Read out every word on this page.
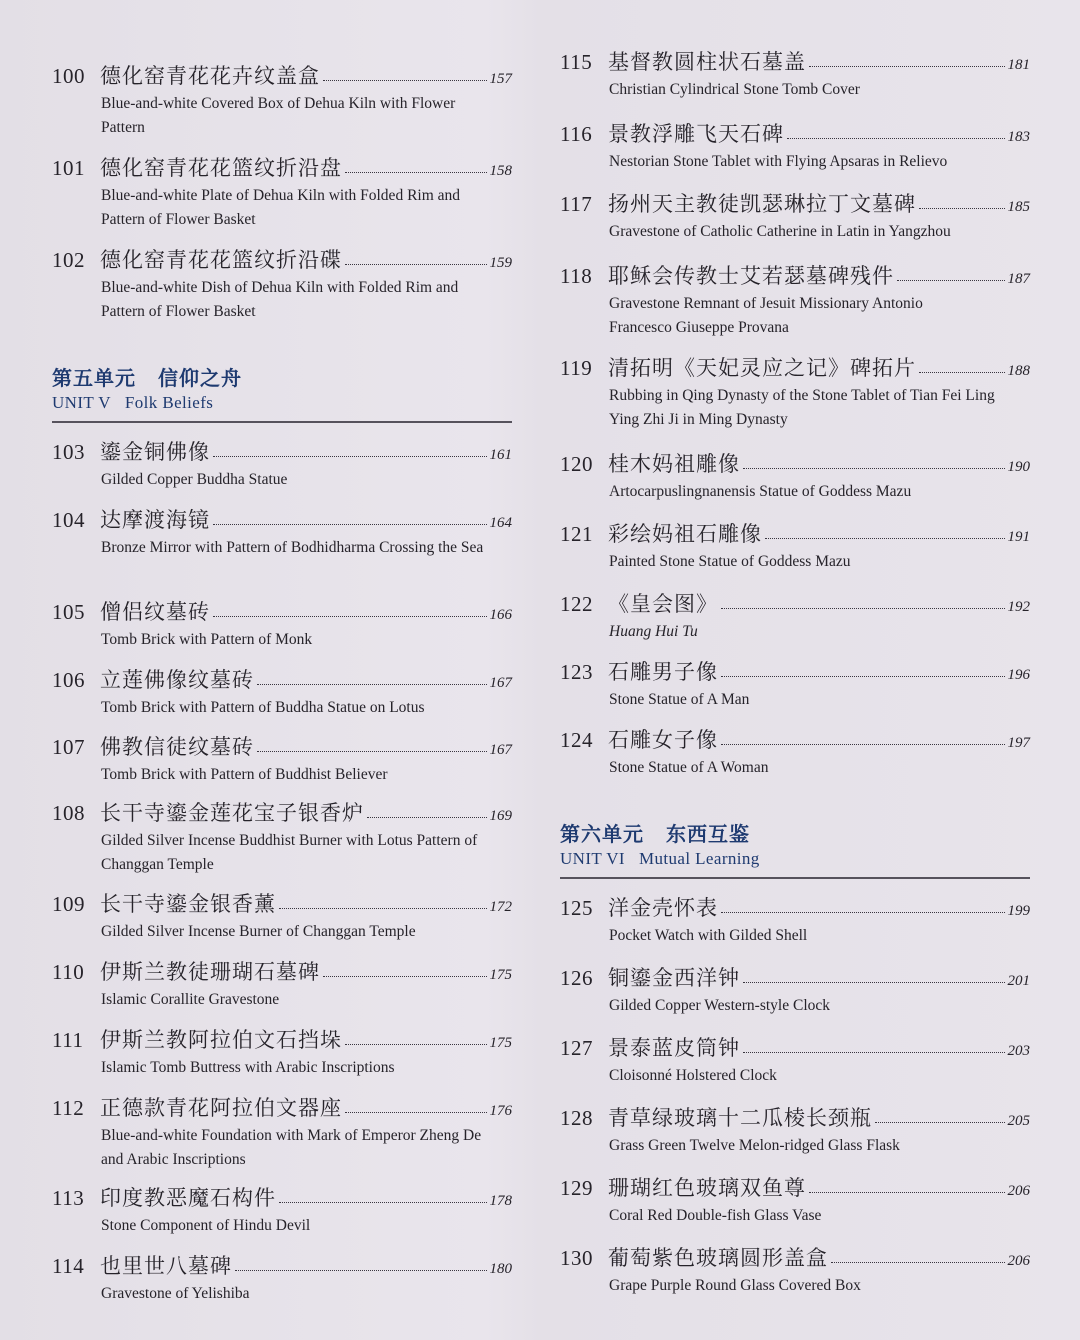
100 德化窑青花花卉纹盖盒	157
Blue-and-white Covered Box of Dehua Kiln with Flower Pattern
101 德化窑青花花篮纹折沿盘	158
Blue-and-white Plate of Dehua Kiln with Folded Rim and Pattern of Flower Basket
102 德化窑青花花篮纹折沿碟	159
Blue-and-white Dish of Dehua Kiln with Folded Rim and Pattern of Flower Basket
第五单元 信仰之舟
UNIT V Folk Beliefs
103 鎏金铜佛像	161
Gilded Copper Buddha Statue
104 达摩渡海镜	164
Bronze Mirror with Pattern of Bodhidharma Crossing the Sea
105 僧侣纹墓砖	166
Tomb Brick with Pattern of Monk
106 立莲佛像纹墓砖	167
Tomb Brick with Pattern of Buddha Statue on Lotus
107 佛教信徒纹墓砖	167
Tomb Brick with Pattern of Buddhist Believer
108 长干寺鎏金莲花宝子银香炉	169
Gilded Silver Incense Buddhist Burner with Lotus Pattern of Changgan Temple
109 长干寺鎏金银香薰	172
Gilded Silver Incense Burner of Changgan Temple
110 伊斯兰教徒珊瑚石墓碑	175
Islamic Corallite Gravestone
111 伊斯兰教阿拉伯文石挡垛	175
Islamic Tomb Buttress with Arabic Inscriptions
112 正德款青花阿拉伯文器座	176
Blue-and-white Foundation with Mark of Emperor Zheng De and Arabic Inscriptions
113 印度教恶魔石构件	178
Stone Component of Hindu Devil
114 也里世八墓碑	180
Gravestone of Yelishiba
115 基督教圆柱状石墓盖	181
Christian Cylindrical Stone Tomb Cover
116 景教浮雕飞天石碑	183
Nestorian Stone Tablet with Flying Apsaras in Relievo
117 扬州天主教徒凯瑟琳拉丁文墓碑	185
Gravestone of Catholic Catherine in Latin in Yangzhou
118 耶稣会传教士艾若瑟墓碑残件	187
Gravestone Remnant of Jesuit Missionary Antonio Francesco Giuseppe Provana
119 清拓明《天妃灵应之记》碑拓片	188
Rubbing in Qing Dynasty of the Stone Tablet of Tian Fei Ling Ying Zhi Ji in Ming Dynasty
120 桂木妈祖雕像	190
Artocarpuslingnanensis Statue of Goddess Mazu
121 彩绘妈祖石雕像	191
Painted Stone Statue of Goddess Mazu
122 《皇会图》	192
Huang Hui Tu
123 石雕男子像	196
Stone Statue of A Man
124 石雕女子像	197
Stone Statue of A Woman
第六单元 东西互鉴
UNIT VI Mutual Learning
125 洋金壳怀表	199
Pocket Watch with Gilded Shell
126 铜鎏金西洋钟	201
Gilded Copper Western-style Clock
127 景泰蓝皮筒钟	203
Cloisonné Holstered Clock
128 青草绿玻璃十二瓜棱长颈瓶	205
Grass Green Twelve Melon-ridged Glass Flask
129 珊瑚红色玻璃双鱼尊	206
Coral Red Double-fish Glass Vase
130 葡萄紫色玻璃圆形盖盒	206
Grape Purple Round Glass Covered Box
